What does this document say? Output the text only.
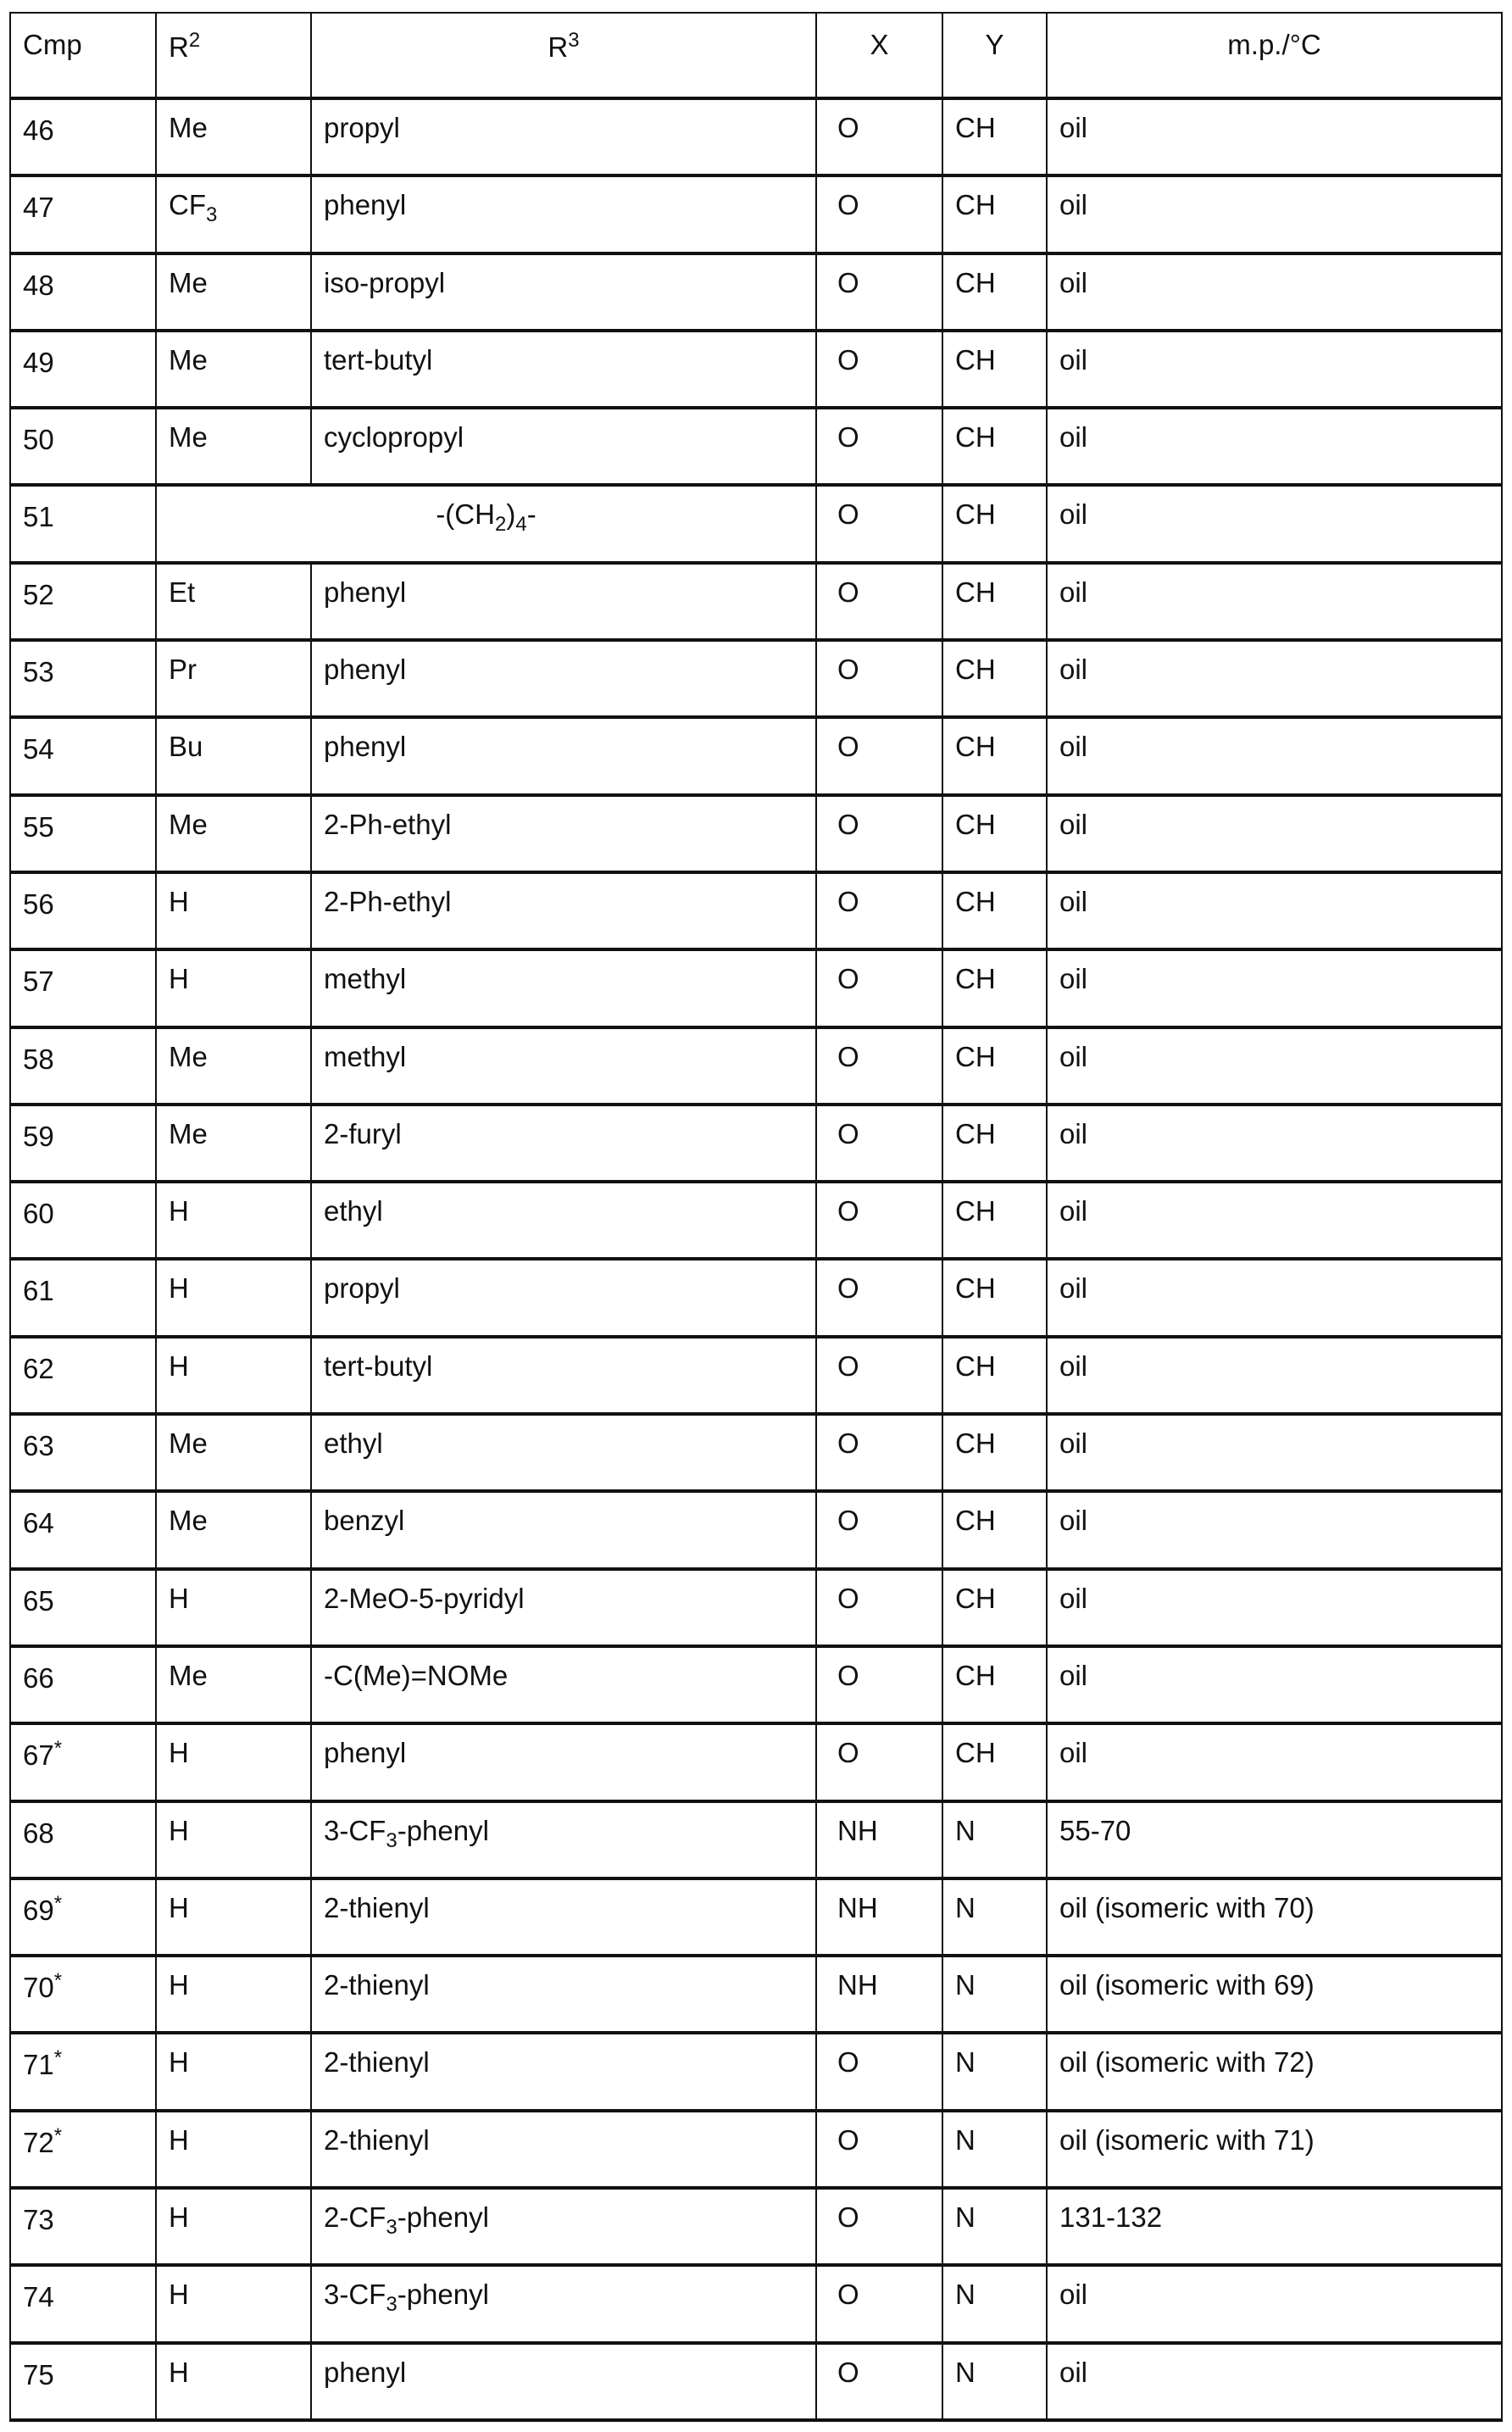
Cmp	R2	R3	X	Y	m.p./°C
46	Me	propyl	O	CH	oil
47	CF3	phenyl	O	CH	oil
48	Me	iso-propyl	O	CH	oil
49	Me	tert-butyl	O	CH	oil
50	Me	cyclopropyl	O	CH	oil
51	-(CH2)4-	O	CH	oil
52	Et	phenyl	O	CH	oil
53	Pr	phenyl	O	CH	oil
54	Bu	phenyl	O	CH	oil
55	Me	2-Ph-ethyl	O	CH	oil
56	H	2-Ph-ethyl	O	CH	oil
57	H	methyl	O	CH	oil
58	Me	methyl	O	CH	oil
59	Me	2-furyl	O	CH	oil
60	H	ethyl	O	CH	oil
61	H	propyl	O	CH	oil
62	H	tert-butyl	O	CH	oil
63	Me	ethyl	O	CH	oil
64	Me	benzyl	O	CH	oil
65	H	2-MeO-5-pyridyl	O	CH	oil
66	Me	-C(Me)=NOMe	O	CH	oil
67*	H	phenyl	O	CH	oil
68	H	3-CF3-phenyl	NH	N	55-70
69*	H	2-thienyl	NH	N	oil (isomeric with 70)
70*	H	2-thienyl	NH	N	oil (isomeric with 69)
71*	H	2-thienyl	O	N	oil (isomeric with 72)
72*	H	2-thienyl	O	N	oil (isomeric with 71)
73	H	2-CF3-phenyl	O	N	131-132
74	H	3-CF3-phenyl	O	N	oil
75	H	phenyl	O	N	oil
